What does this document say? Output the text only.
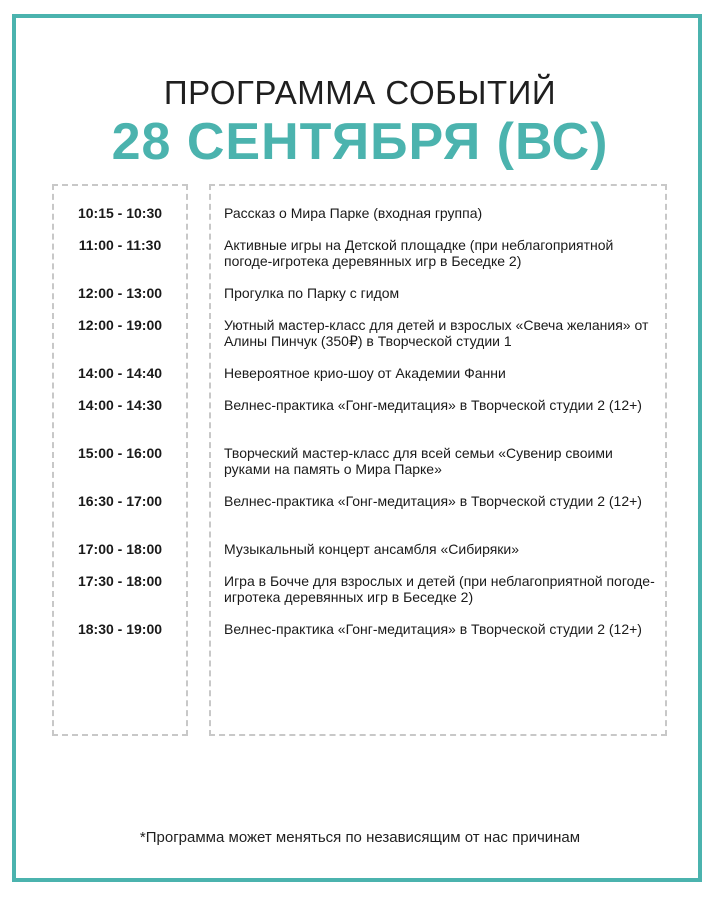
ПРОГРАММА СОБЫТИЙ
28 СЕНТЯБРЯ (ВС)
10:15 - 10:30	Рассказ о Мира Парке (входная группа)
11:00 - 11:30	Активные игры на Детской площадке (при неблагоприятной погоде-игротека деревянных игр в Беседке 2)
12:00 - 13:00	Прогулка по Парку с гидом
12:00 - 19:00	Уютный мастер-класс для детей и взрослых «Свеча желания» от Алины Пинчук (350₽) в Творческой студии 1
14:00 - 14:40	Невероятное крио-шоу от Академии Фанни
14:00 - 14:30	Велнес-практика «Гонг-медитация» в Творческой студии 2 (12+)
15:00 - 16:00	Творческий мастер-класс для всей семьи «Сувенир своими руками на память о Мира Парке»
16:30 - 17:00	Велнес-практика «Гонг-медитация» в Творческой студии 2 (12+)
17:00 - 18:00	Музыкальный концерт ансамбля «Сибиряки»
17:30 - 18:00	Игра в Бочче для взрослых и детей (при неблагоприятной погоде-игротека деревянных игр в Беседке 2)
18:30 - 19:00	Велнес-практика «Гонг-медитация» в Творческой студии 2 (12+)
*Программа может меняться по независящим от нас причинам
